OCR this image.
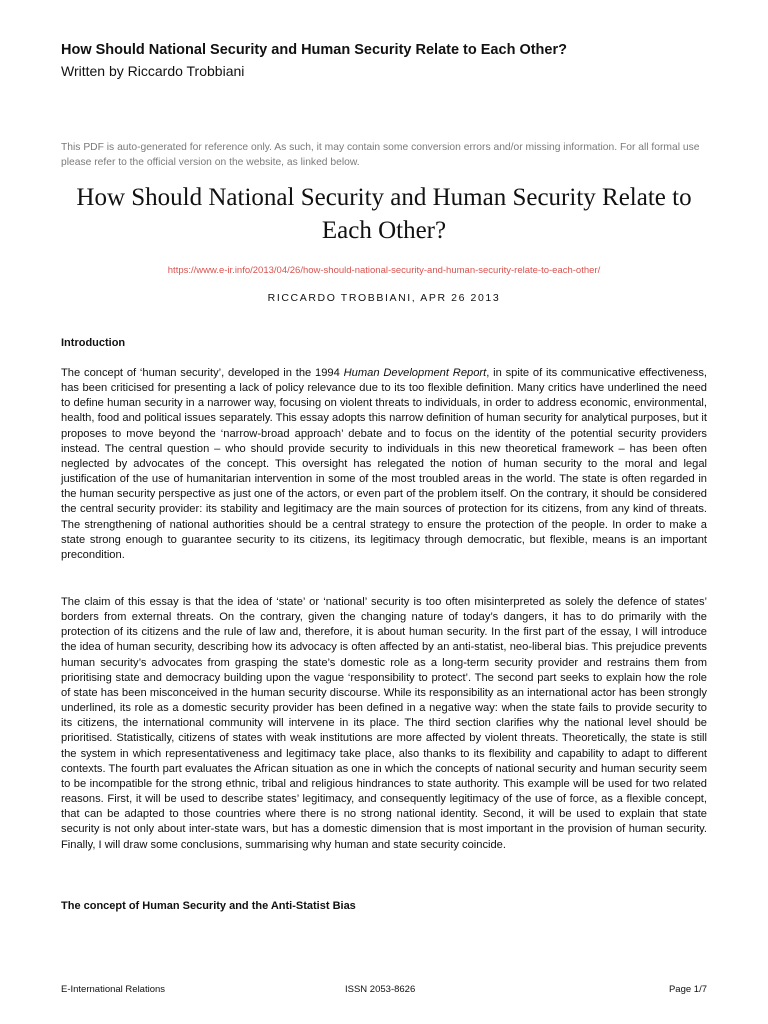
How Should National Security and Human Security Relate to Each Other?
Written by Riccardo Trobbiani
This PDF is auto-generated for reference only. As such, it may contain some conversion errors and/or missing information. For all formal use please refer to the official version on the website, as linked below.
How Should National Security and Human Security Relate to Each Other?
https://www.e-ir.info/2013/04/26/how-should-national-security-and-human-security-relate-to-each-other/
RICCARDO TROBBIANI, APR 26 2013
Introduction
The concept of ‘human security’, developed in the 1994 Human Development Report, in spite of its communicative effectiveness, has been criticised for presenting a lack of policy relevance due to its too flexible definition. Many critics have underlined the need to define human security in a narrower way, focusing on violent threats to individuals, in order to address economic, environmental, health, food and political issues separately. This essay adopts this narrow definition of human security for analytical purposes, but it proposes to move beyond the ‘narrow-broad approach’ debate and to focus on the identity of the potential security providers instead. The central question – who should provide security to individuals in this new theoretical framework – has been often neglected by advocates of the concept. This oversight has relegated the notion of human security to the moral and legal justification of the use of humanitarian intervention in some of the most troubled areas in the world. The state is often regarded in the human security perspective as just one of the actors, or even part of the problem itself. On the contrary, it should be considered the central security provider: its stability and legitimacy are the main sources of protection for its citizens, from any kind of threats. The strengthening of national authorities should be a central strategy to ensure the protection of the people. In order to make a state strong enough to guarantee security to its citizens, its legitimacy through democratic, but flexible, means is an important precondition.
The claim of this essay is that the idea of ‘state’ or ‘national’ security is too often misinterpreted as solely the defence of states’ borders from external threats. On the contrary, given the changing nature of today’s dangers, it has to do primarily with the protection of its citizens and the rule of law and, therefore, it is about human security. In the first part of the essay, I will introduce the idea of human security, describing how its advocacy is often affected by an anti-statist, neo-liberal bias. This prejudice prevents human security’s advocates from grasping the state’s domestic role as a long-term security provider and restrains them from prioritising state and democracy building upon the vague ‘responsibility to protect’. The second part seeks to explain how the role of state has been misconceived in the human security discourse. While its responsibility as an international actor has been strongly underlined, its role as a domestic security provider has been defined in a negative way: when the state fails to provide security to its citizens, the international community will intervene in its place. The third section clarifies why the national level should be prioritised. Statistically, citizens of states with weak institutions are more affected by violent threats. Theoretically, the state is still the system in which representativeness and legitimacy take place, also thanks to its flexibility and capability to adapt to different contexts. The fourth part evaluates the African situation as one in which the concepts of national security and human security seem to be incompatible for the strong ethnic, tribal and religious hindrances to state authority. This example will be used for two related reasons. First, it will be used to describe states’ legitimacy, and consequently legitimacy of the use of force, as a flexible concept, that can be adapted to those countries where there is no strong national identity. Second, it will be used to explain that state security is not only about inter-state wars, but has a domestic dimension that is most important in the provision of human security. Finally, I will draw some conclusions, summarising why human and state security coincide.
The concept of Human Security and the Anti-Statist Bias
E-International Relations	ISSN 2053-8626	Page 1/7
